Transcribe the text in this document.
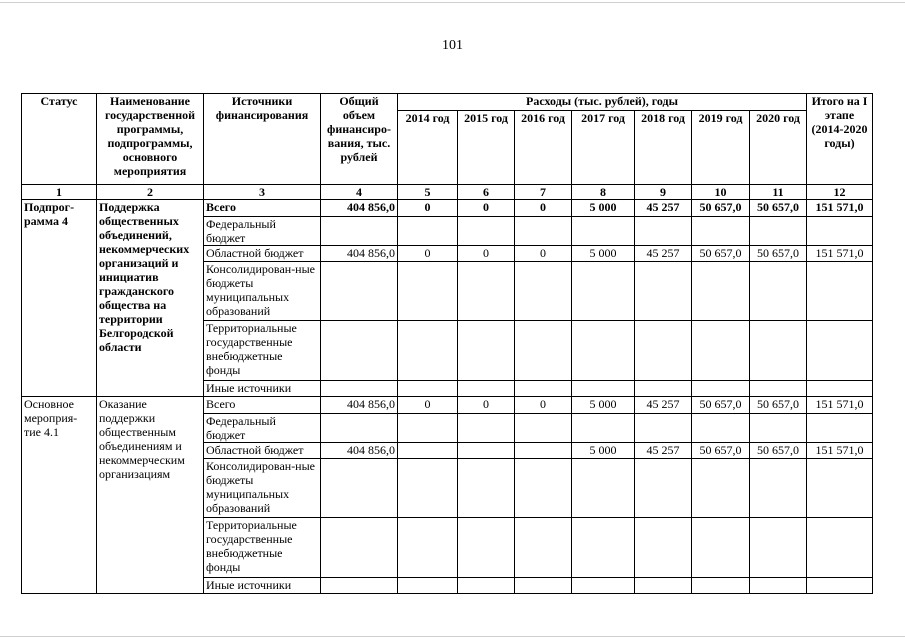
101
Статус	Наименование государственной программы, подпрограммы, основного мероприятия	Источники финансирования	Общий объем финансиро-вания, тыс. рублей	Расходы (тыс. рублей), годы							Итого на I этапе (2014-2020 годы)
				2014 год	2015 год	2016 год	2017 год	2018 год	2019 год	2020 год	
1	2	3	4	5	6	7	8	9	10	11	12
Подпрог-рамма 4	Поддержка общественных объединений, некоммерческих организаций и инициатив гражданского общества на территории Белгородской области	Всего	404 856,0	0	0	0	5 000	45 257	50 657,0	50 657,0	151 571,0
		Федеральный бюджет									
		Областной бюджет	404 856,0	0	0	0	5 000	45 257	50 657,0	50 657,0	151 571,0
		Консолидирован-ные бюджеты муниципальных образований									
		Территориальные государственные внебюджетные фонды									
		Иные источники									
Основное мероприя-тие 4.1	Оказание поддержки общественным объединениям и некоммерческим организациям	Всего	404 856,0	0	0	0	5 000	45 257	50 657,0	50 657,0	151 571,0
		Федеральный бюджет									
		Областной бюджет	404 856,0				5 000	45 257	50 657,0	50 657,0	151 571,0
		Консолидирован-ные бюджеты муниципальных образований									
		Территориальные государственные внебюджетные фонды									
		Иные источники									
